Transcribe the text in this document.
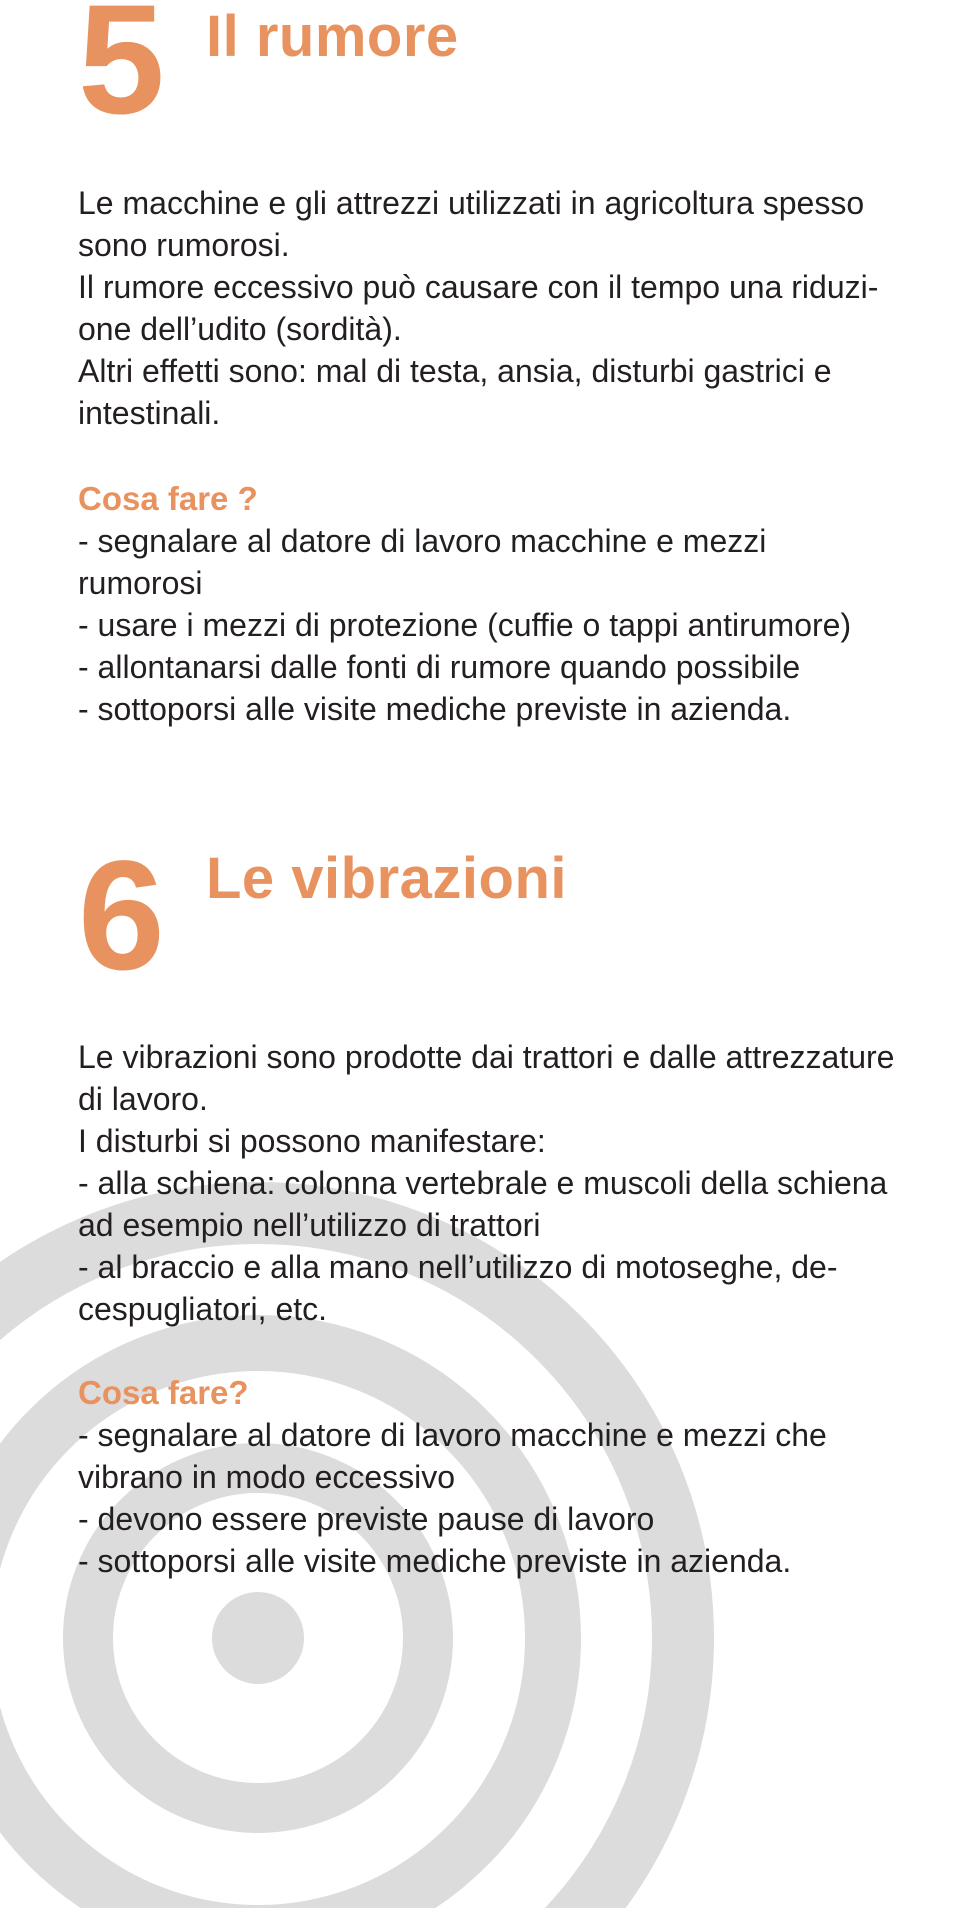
5 Il rumore

Le macchine e gli attrezzi utilizzati in agricoltura spesso
sono rumorosi.
Il rumore eccessivo può causare con il tempo una riduzi-
one dell’udito (sordità).
Altri effetti sono: mal di testa, ansia, disturbi gastrici e
intestinali.

Cosa fare ?

- segnalare al datore di lavoro macchine e mezzi
rumorosi
- usare i mezzi di protezione (cuffie o tappi antirumore)
- allontanarsi dalle fonti di rumore quando possibile
- sottoporsi alle visite mediche previste in azienda.

6 Le vibrazioni

Le vibrazioni sono prodotte dai trattori e dalle attrezzature
di lavoro.
I disturbi si possono manifestare:
- alla schiena: colonna vertebrale e muscoli della schiena
ad esempio nell’utilizzo di trattori
- al braccio e alla mano nell’utilizzo di motoseghe, de-
cespugliatori, etc.

Cosa fare?

- segnalare al datore di lavoro macchine e mezzi che
vibrano in modo eccessivo
- devono essere previste pause di lavoro
- sottoporsi alle visite mediche previste in azienda.
